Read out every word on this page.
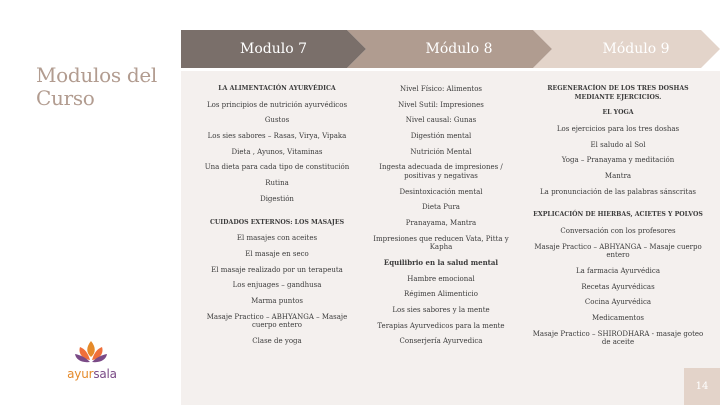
Modulos del Curso
Modulo 7	Módulo 8	Módulo 9
LA ALIMENTACIÓN AYURVÉDICA
Los principios de nutrición ayurvédicos
Gustos
Los sies sabores – Rasas, Virya, Vipaka
Dieta , Ayunos, Vitaminas
Una dieta para cada tipo de constitución
Rutina
Digestión
CUIDADOS EXTERNOS: LOS MASAJES
El masajes con aceites
El masaje en seco
El masaje realizado por un terapeuta
Los enjuages – gandhusa
Marma puntos
Masaje Practico – ABHYANGA – Masaje cuerpo entero
Clase de yoga
Nivel Físico: Alimentos
Nivel Sutil: Impresiones
Nivel causal: Gunas
Digestión mental
Nutrición Mental
Ingesta adecuada de impresiones / positivas y negativas
Desintoxicación mental
Dieta Pura
Pranayama, Mantra
Impresiones que reducen Vata, Pitta y Kapha
Equilibrio en la salud mental
Hambre emocional
Régimen Alimenticio
Los sies sabores y la mente
Terapias Ayurvedicos para la mente
Conserjería Ayurvedica
REGENERACÍON DE LOS TRES DOSHAS MEDIANTE EJERCICIOS.
EL YOGA
Los ejercicios para los tres doshas
El saludo al Sol
Yoga – Pranayama y meditación
Mantra
La pronunciación de las palabras sánscritas
EXPLICACIÓN DE HIERBAS, ACIETES Y POLVOS
Conversación con los profesores
Masaje Practico – ABHYANGA – Masaje cuerpo entero
La farmacia Ayurvédica
Recetas Ayurvédicas
Cocina Ayurvédica
Medicamentos
Masaje Practico – SHIRODHARA - masaje goteo de aceite
ayursala
14
